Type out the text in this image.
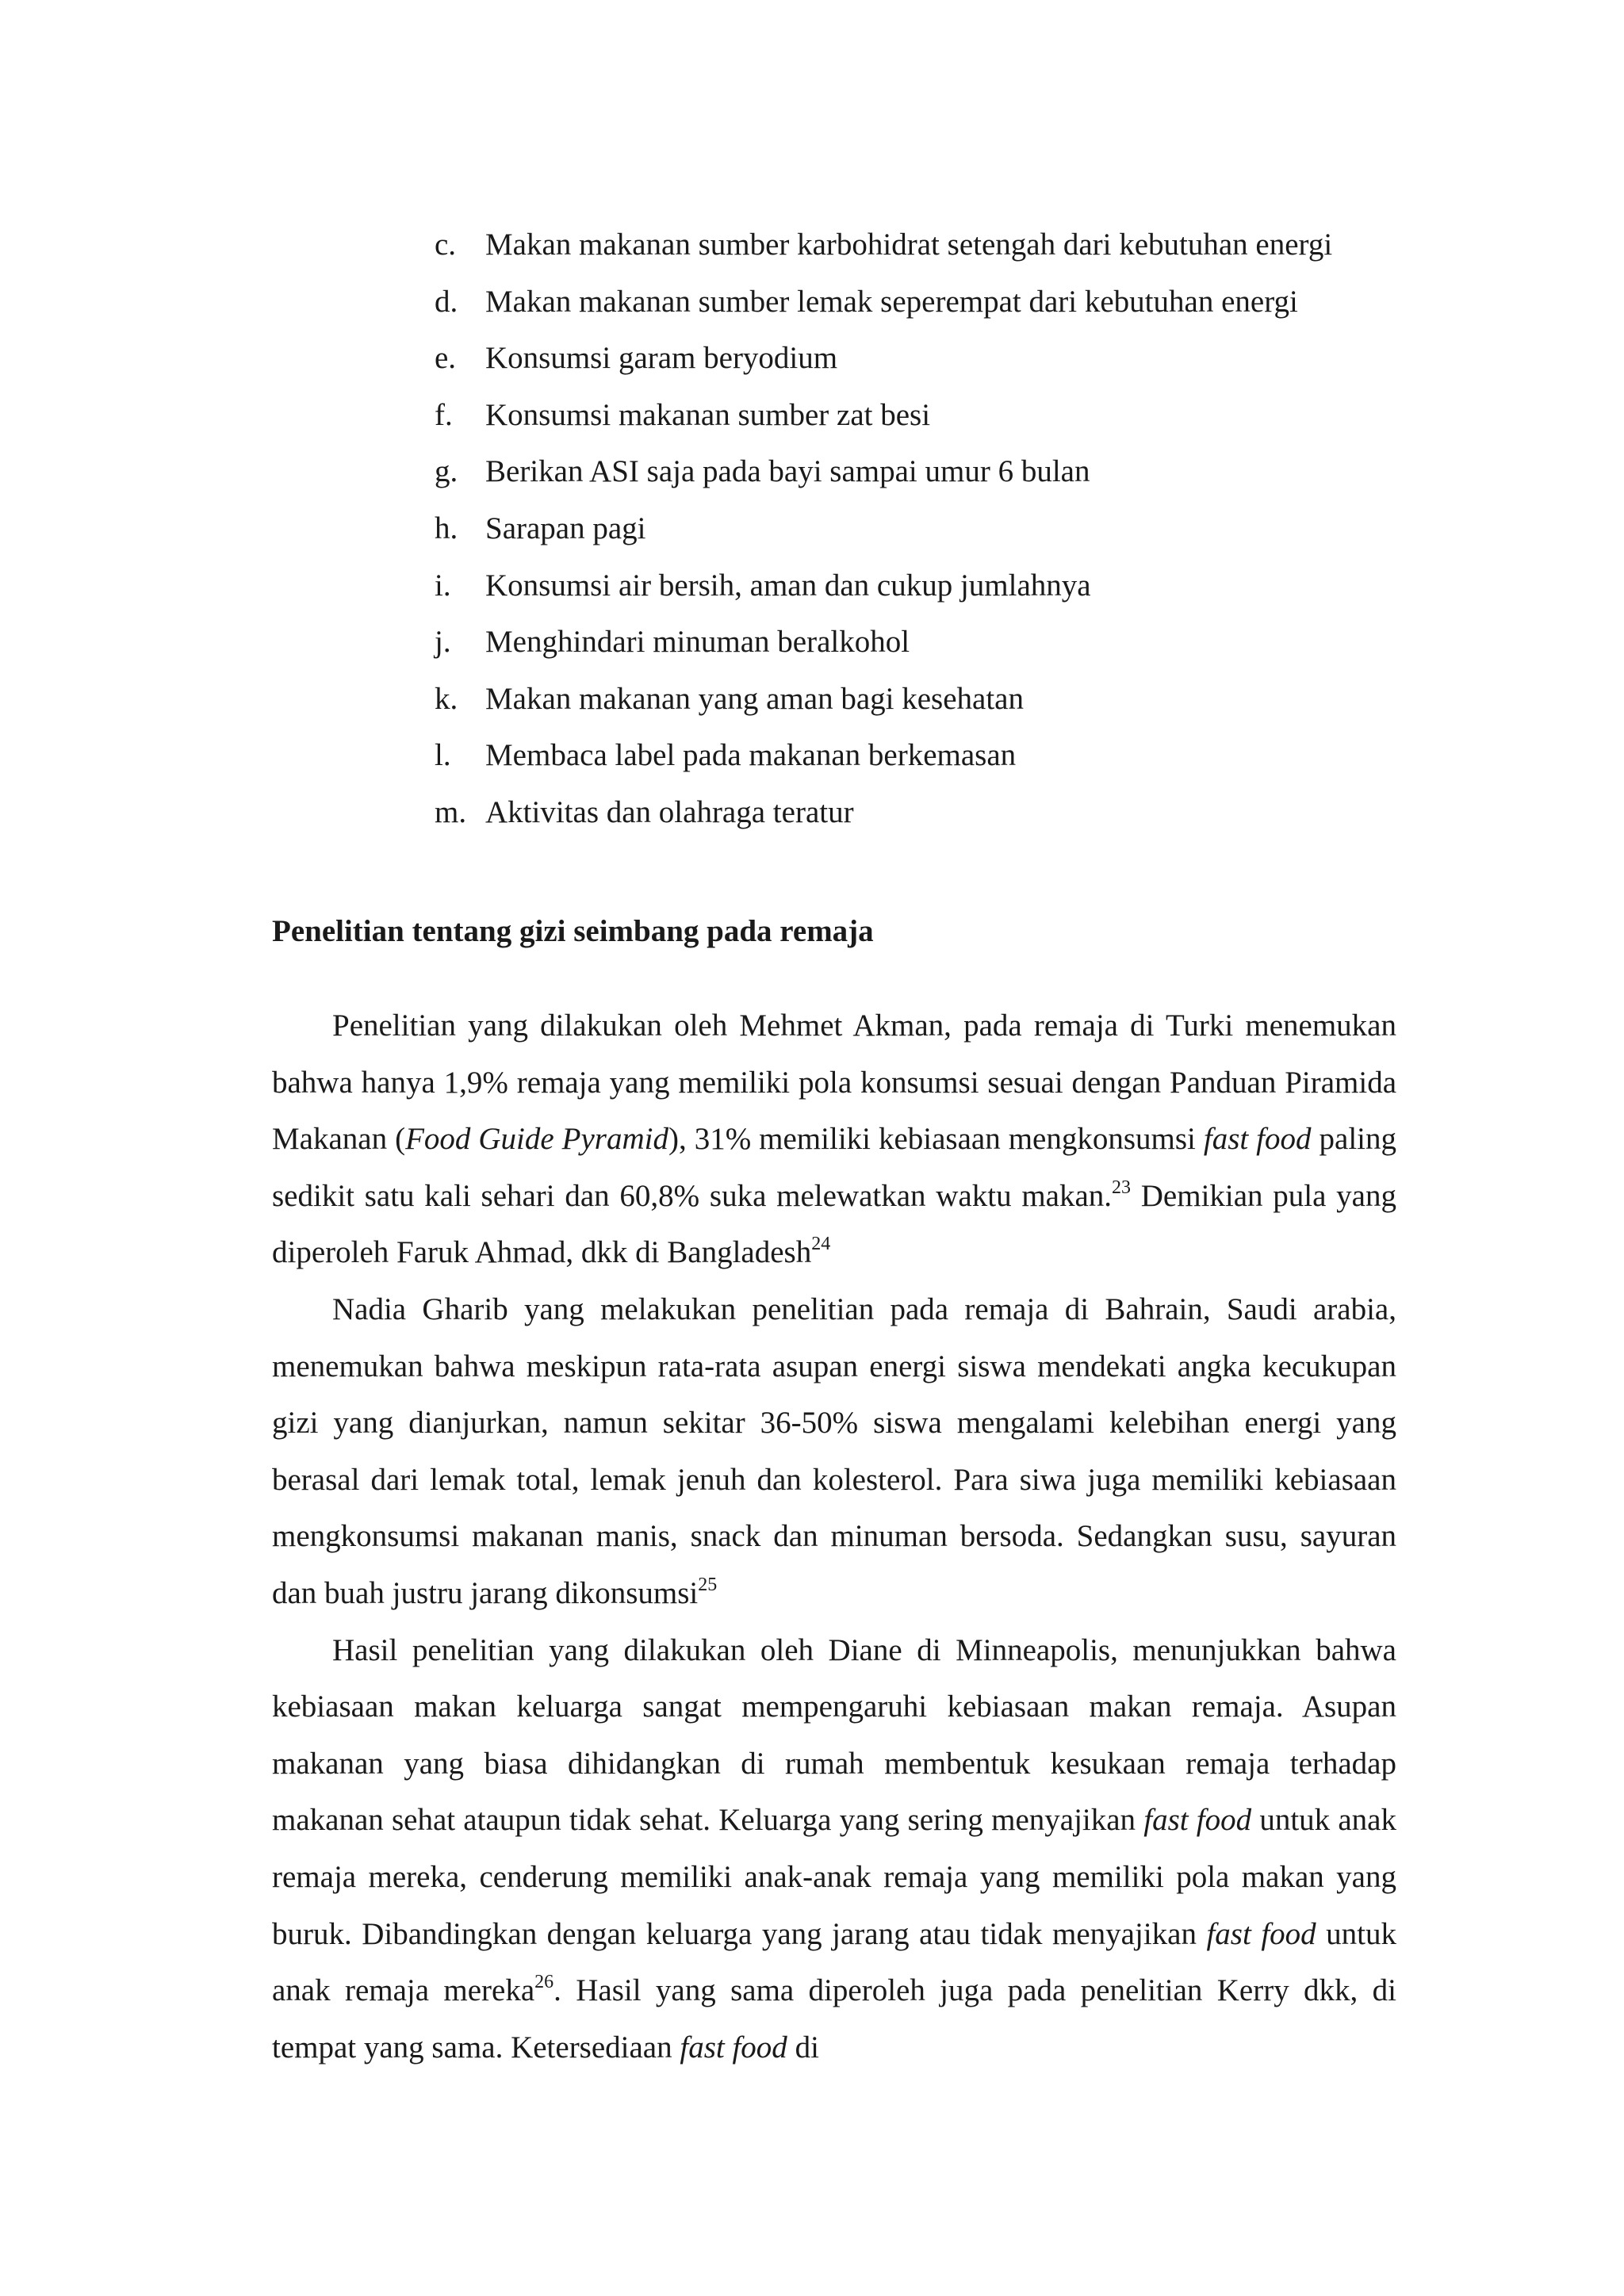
c. Makan makanan sumber karbohidrat setengah dari kebutuhan energi
d. Makan makanan sumber lemak seperempat dari kebutuhan energi
e. Konsumsi garam beryodium
f.	Konsumsi makanan sumber zat besi
g. Berikan ASI saja pada bayi sampai umur 6 bulan
h. Sarapan pagi
i.	Konsumsi air bersih, aman dan cukup jumlahnya
j.	Menghindari minuman beralkohol
k. Makan makanan yang aman bagi kesehatan
l.	Membaca label pada makanan berkemasan
m. Aktivitas dan olahraga teratur
Penelitian tentang gizi seimbang pada remaja

Penelitian yang dilakukan oleh Mehmet Akman, pada remaja di Turki menemukan bahwa hanya 1,9% remaja yang memiliki pola konsumsi sesuai dengan Panduan Piramida Makanan (Food Guide Pyramid), 31% memiliki kebiasaan mengkonsumsi fast food paling sedikit satu kali sehari dan 60,8% suka melewatkan waktu makan.$^{23}$ Demikian pula yang diperoleh Faruk Ahmad, dkk di Bangladesh$^{24}$

Nadia Gharib yang melakukan penelitian pada remaja di Bahrain, Saudi arabia, menemukan bahwa meskipun rata-rata asupan energi siswa mendekati angka kecukupan gizi yang dianjurkan, namun sekitar 36-50% siswa mengalami kelebihan energi yang berasal dari lemak total, lemak jenuh dan kolesterol. Para siwa juga memiliki kebiasaan mengkonsumsi makanan manis, snack dan minuman bersoda. Sedangkan susu, sayuran dan buah justru jarang dikonsumsi$^{25}$

Hasil penelitian yang dilakukan oleh Diane di Minneapolis, menunjukkan bahwa kebiasaan makan keluarga sangat mempengaruhi kebiasaan makan remaja. Asupan makanan yang biasa dihidangkan di rumah membentuk kesukaan remaja terhadap makanan sehat ataupun tidak sehat. Keluarga yang sering menyajikan fast food untuk anak remaja mereka, cenderung memiliki anak-anak remaja yang memiliki pola makan yang buruk. Dibandingkan dengan keluarga yang jarang atau tidak menyajikan fast food untuk anak remaja mereka$^{26}$. Hasil yang sama diperoleh juga pada penelitian Kerry dkk, di tempat yang sama. Ketersediaan fast food di
